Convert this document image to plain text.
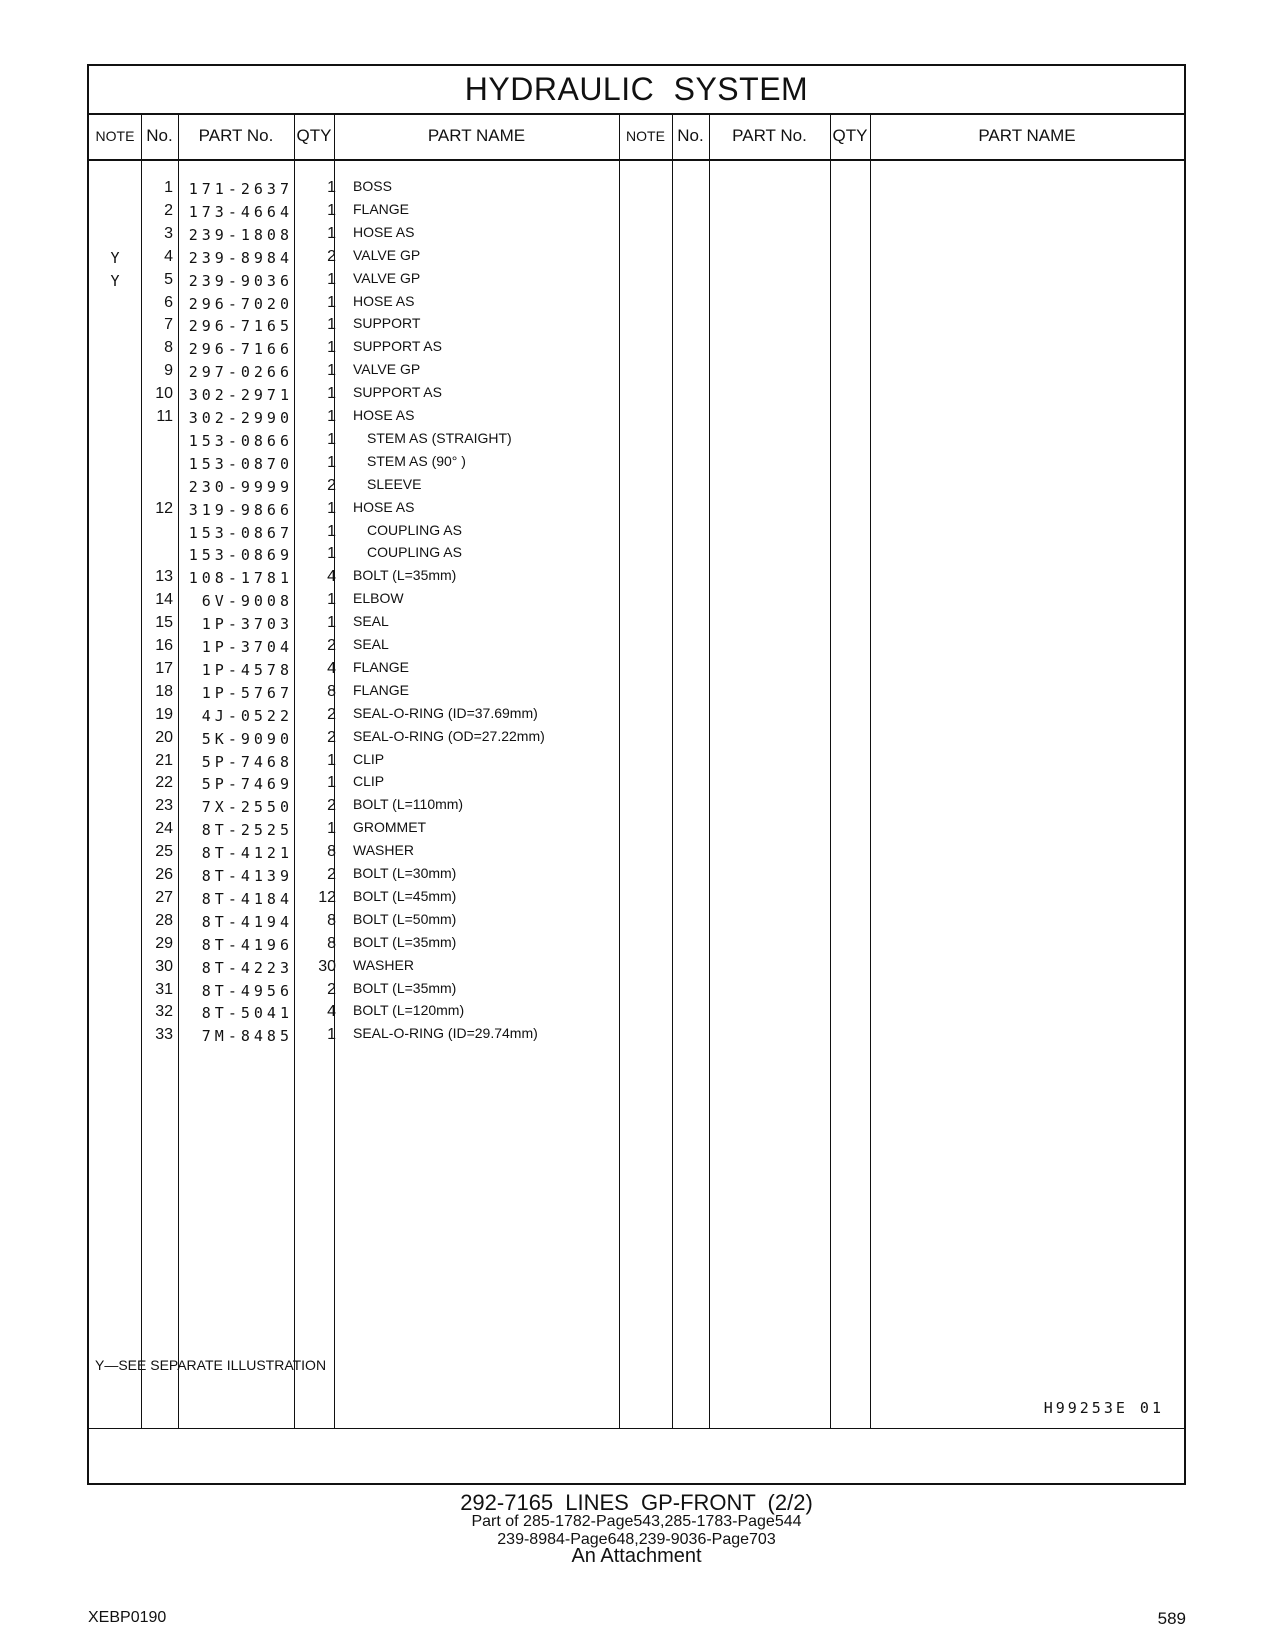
HYDRAULIC SYSTEM
NOTE No.	PART No.	QTY	PART NAME	NOTE No.	PART No.	QTY	PART NAME
1	171-2637	1 BOSS
2	173-4664	1 FLANGE
3	239-1808	1 HOSE AS
Y	4	239-8984	2 VALVE GP
Y	5	239-9036	1 VALVE GP
6	296-7020	1 HOSE AS
7	296-7165	1 SUPPORT
8	296-7166	1 SUPPORT AS
9	297-0266	1 VALVE GP
10	302-2971	1 SUPPORT AS
11	302-2990	1 HOSE AS
153-0866	1 STEM AS (STRAIGHT)
153-0870	1 STEM AS (90° )
230-9999	2 SLEEVE
12	319-9866	1 HOSE AS
153-0867	1 COUPLING AS
153-0869	1 COUPLING AS
13	108-1781	4 BOLT (L=35mm)
14	6V-9008	1 ELBOW
15	1P-3703	1 SEAL
16	1P-3704	2 SEAL
17	1P-4578	4 FLANGE
18	1P-5767	8 FLANGE
19	4J-0522	2 SEAL-O-RING (ID=37.69mm)
20	5K-9090	2 SEAL-O-RING (OD=27.22mm)
21	5P-7468	1 CLIP
22	5P-7469	1 CLIP
23	7X-2550	2 BOLT (L=110mm)
24	8T-2525	1 GROMMET
25	8T-4121	8 WASHER
26	8T-4139	2 BOLT (L=30mm)
27	8T-4184	12 BOLT (L=45mm)
28	8T-4194	8 BOLT (L=50mm)
29	8T-4196	8 BOLT (L=35mm)
30	8T-4223	30 WASHER
31	8T-4956	2 BOLT (L=35mm)
32	8T-5041	4 BOLT (L=120mm)
33	7M-8485	1 SEAL-O-RING (ID=29.74mm)
Y—SEE SEPARATE ILLUSTRATION
H99253E 01
292-7165 LINES GP-FRONT (2/2)
Part of 285-1782-Page543,285-1783-Page544
239-8984-Page648,239-9036-Page703
An Attachment
XEBP0190	589
